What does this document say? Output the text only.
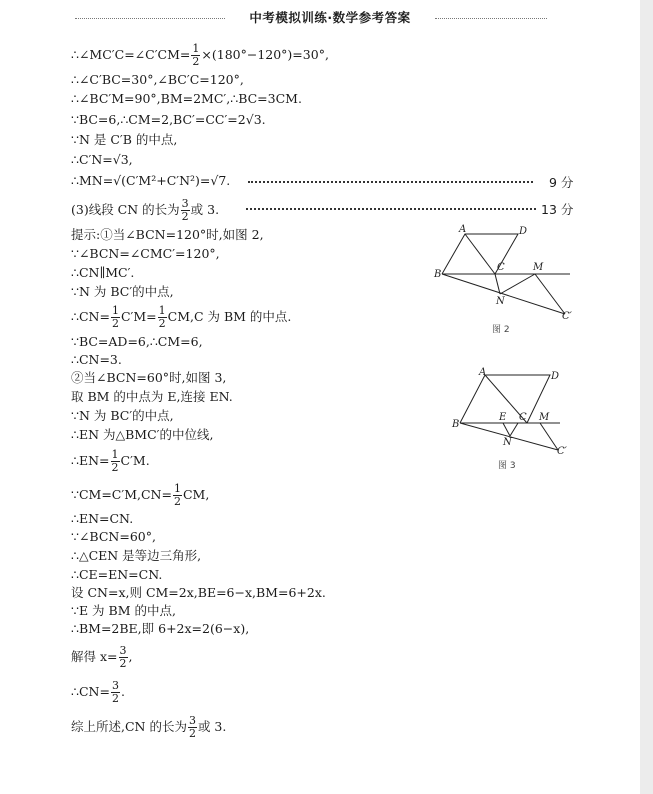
中考模拟训练·数学参考答案
∴∠MC′C=∠C′CM= $\frac{1}{2} \times(180^\circ-120^\circ)=30^\circ$,
∴∠C′BC=30°,∠BC′C=120°,
∴∠BC′M=90°,BM=2MC′,∴BC=3CM.
∵BC=6,∴CM=2,BC′=CC′=2√3.
∵N 是 C′B 的中点,
∴C′N=√3,
∴MN=√(C′M²+C′N²)=√7.	9 分
(3)线段 CN 的长为 $\frac{3}{2}$ 或 3.	13 分
提示:①当∠BCN=120°时,如图 2,
∵∠BCN=∠CMC′=120°,
∴CN∥MC′.
∵N 为 BC′的中点,
∴CN= $\frac{1}{2} C'M= \frac{1}{2} CM,C$ 为 BM 的中点.
∵BC=AD=6,∴CM=6,
∴CN=3.
②当∠BCN=60°时,如图 3,
取 BM 的中点为 E,连接 EN.
∵N 为 BC′的中点,
∴EN 为△BMC′的中位线,
∴EN= $\frac{1}{2} C'M$.
∵CM=C′M,CN= $\frac{1}{2}$ CM,
∴EN=CN.
∵∠BCN=60°,
∴△CEN 是等边三角形,
∴CE=EN=CN.
设 CN=x,则 CM=2x,BE=6−x,BM=6+2x.
∵E 为 BM 的中点,
∴BM=2BE,即 6+2x=2(6−x),
解得 $x= \frac{3}{2}$ ,
∴CN= $\frac{3}{2}$ .
综上所述,CN 的长为 $\frac{3}{2}$ 或 3.
A	D
B
C	M
N
C′
图 2
A	D
B
E C M
N
C′
图 3
